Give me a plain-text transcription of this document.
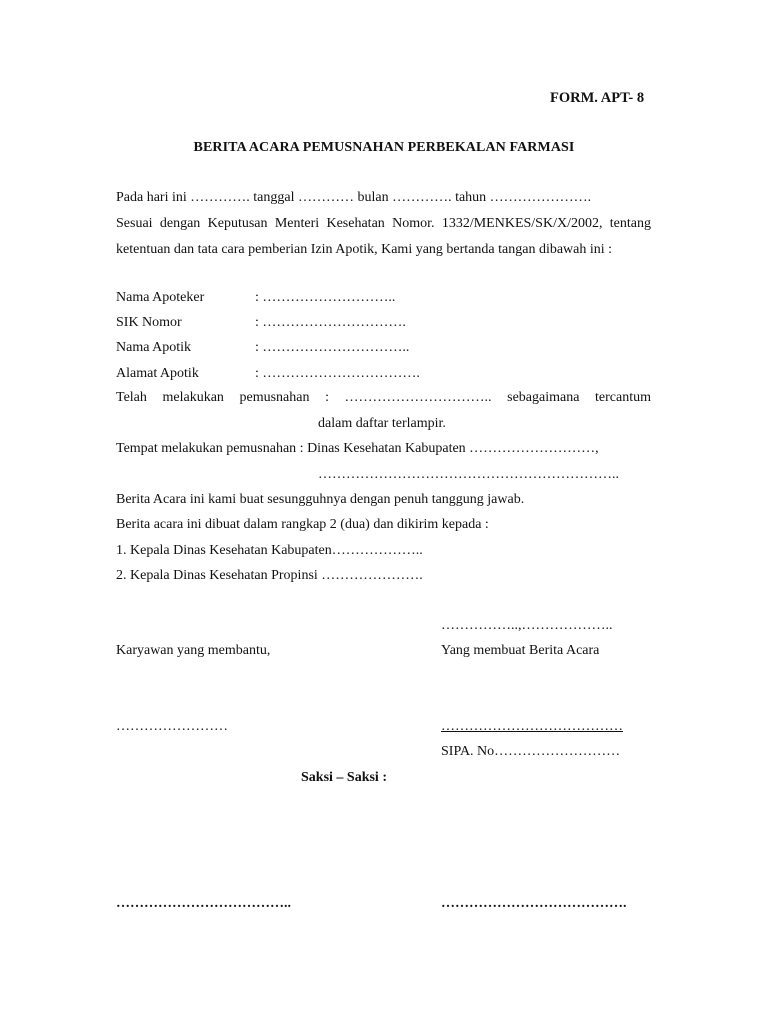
FORM. APT- 8
BERITA ACARA PEMUSNAHAN PERBEKALAN FARMASI
Pada hari ini …………. tanggal ………… bulan …………. tahun ………………….
Sesuai dengan Keputusan Menteri Kesehatan Nomor. 1332/MENKES/SK/X/2002, tentang ketentuan dan tata cara pemberian Izin Apotik, Kami yang bertanda tangan dibawah ini :
Nama Apoteker	: ………………………..
SIK Nomor	: ………………………….
Nama Apotik	: …………………………..
Alamat Apotik	: …………………………….
Telah melakukan pemusnahan : ………………………….. sebagaimana tercantum
dalam daftar terlampir.
Tempat melakukan pemusnahan : Dinas Kesehatan Kabupaten ………………………,
………………………………………………………..
Berita Acara ini kami buat sesungguhnya dengan penuh tanggung jawab.
Berita acara ini dibuat dalam rangkap 2 (dua) dan dikirim kepada :
1. Kepala Dinas Kesehatan Kabupaten………………..
2. Kepala Dinas Kesehatan Propinsi ………………….
……………..,………………..
Karyawan yang membantu,	Yang membuat Berita Acara
……………………	…………………………………
SIPA. No………………………
Saksi – Saksi :
………………………………..	………………………………….
